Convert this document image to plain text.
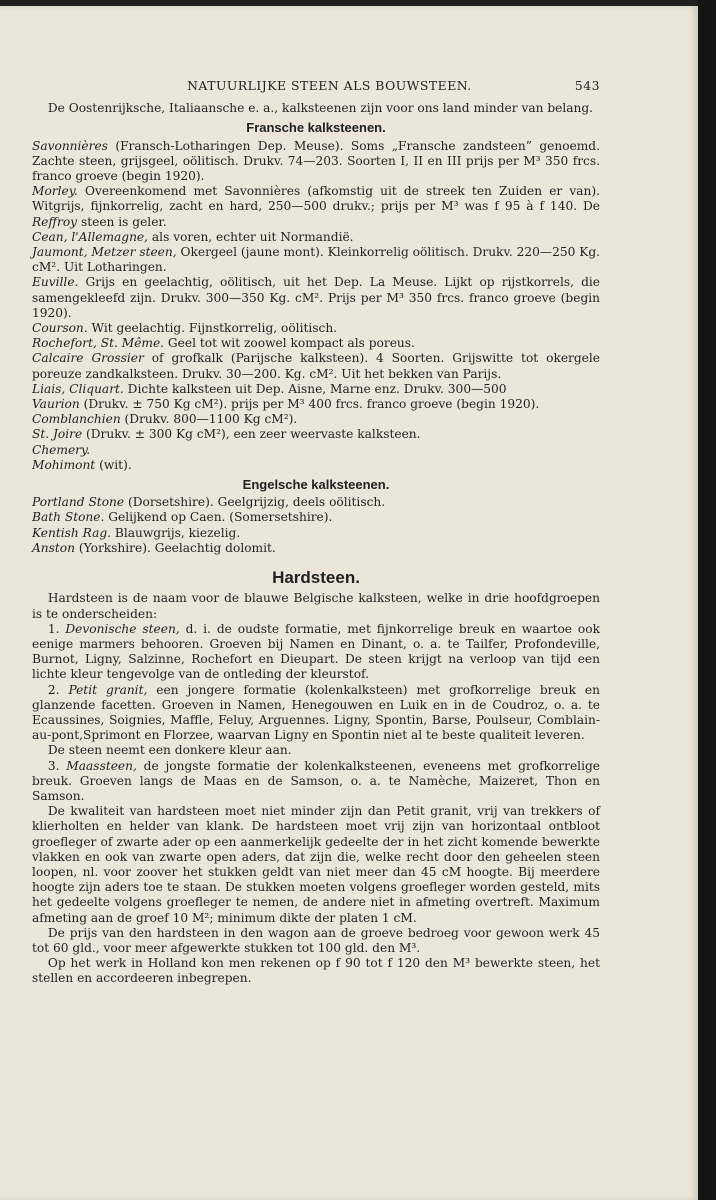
NATUURLIJKE STEEN ALS BOUWSTEEN.	543

De Oostenrijksche, Italiaansche e. a., kalksteenen zijn voor ons land minder van belang.

Fransche kalksteenen.

Savonnières (Fransch-Lotharingen Dep. Meuse). Soms „Fransche zandsteen” genoemd. Zachte steen, grijsgeel, oölitisch. Drukv. 74—203. Soorten I, II en III prijs per M³ 350 frcs. franco groeve (begin 1920).

Morley. Overeenkomend met Savonnières (afkomstig uit de streek ten Zuiden er van). Witgrijs, fijnkorrelig, zacht en hard, 250—500 drukv.; prijs per M³ was f 95 à f 140. De Reffroy steen is geler.

Cean, l'Allemagne, als voren, echter uit Normandië.

Jaumont, Metzer steen, Okergeel (jaune mont). Kleinkorrelig oölitisch. Drukv. 220—250 Kg. cM². Uit Lotharingen.

Euville. Grijs en geelachtig, oölitisch, uit het Dep. La Meuse. Lijkt op rijstkorrels, die samengekleefd zijn. Drukv. 300—350 Kg. cM². Prijs per M³ 350 frcs. franco groeve (begin 1920).

Courson. Wit geelachtig. Fijnstkorrelig, oölitisch.

Rochefort, St. Même. Geel tot wit zoowel kompact als poreus.

Calcaire Grossier of grofkalk (Parijsche kalksteen). 4 Soorten. Grijswitte tot okergele poreuze zandkalksteen. Drukv. 30—200. Kg. cM². Uit het bekken van Parijs.

Liais, Cliquart. Dichte kalksteen uit Dep. Aisne, Marne enz. Drukv. 300—500

Vaurion (Drukv. ± 750 Kg cM²). prijs per M³ 400 frcs. franco groeve (begin 1920).

Comblanchien (Drukv. 800—1100 Kg cM²).

St. Joire (Drukv. ± 300 Kg cM²), een zeer weervaste kalksteen.

Chemery.

Mohimont (wit).

Engelsche kalksteenen.

Portland Stone (Dorsetshire). Geelgrijzig, deels oölitisch.

Bath Stone. Gelijkend op Caen. (Somersetshire).

Kentish Rag. Blauwgrijs, kiezelig.

Anston (Yorkshire). Geelachtig dolomit.

Hardsteen.

Hardsteen is de naam voor de blauwe Belgische kalksteen, welke in drie hoofdgroepen is te onderscheiden:

1. Devonische steen, d. i. de oudste formatie, met fijnkorrelige breuk en waartoe ook eenige marmers behooren. Groeven bij Namen en Dinant, o. a. te Tailfer, Profondeville, Burnot, Ligny, Salzinne, Rochefort en Dieupart. De steen krijgt na verloop van tijd een lichte kleur tengevolge van de ontleding der kleurstof.

2. Petit granit, een jongere formatie (kolenkalksteen) met grofkorrelige breuk en glanzende facetten. Groeven in Namen, Henegouwen en Luik en in de Coudroz, o. a. te Ecaussines, Soignies, Maffle, Feluy, Arguennes. Ligny, Spontin, Barse, Poulseur, Comblain- au-pont,Sprimont en Florzee, waarvan Ligny en Spontin niet al te beste qualiteit leveren.

De steen neemt een donkere kleur aan.

3. Maassteen, de jongste formatie der kolenkalksteenen, eveneens met grofkorrelige breuk. Groeven langs de Maas en de Samson, o. a. te Namèche, Maizeret, Thon en Samson.

De kwaliteit van hardsteen moet niet minder zijn dan Petit granit, vrij van trekkers of klierholten en helder van klank. De hardsteen moet vrij zijn van horizontaal ontbloot groefleger of zwarte ader op een aanmerkelijk gedeelte der in het zicht komende bewerkte vlakken en ook van zwarte open aders, dat zijn die, welke recht door den geheelen steen loopen, nl. voor zoover het stukken geldt van niet meer dan 45 cM hoogte. Bij meerdere hoogte zijn aders toe te staan. De stukken moeten volgens groefleger worden gesteld, mits het gedeelte volgens groefleger te nemen, de andere niet in afmeting overtreft. Maximum afmeting aan de groef 10 M²; minimum dikte der platen 1 cM.

De prijs van den hardsteen in den wagon aan de groeve bedroeg voor gewoon werk 45 tot 60 gld., voor meer afgewerkte stukken tot 100 gld. den M³.

Op het werk in Holland kon men rekenen op f 90 tot f 120 den M³ bewerkte steen, het stellen en accordeeren inbegrepen.
